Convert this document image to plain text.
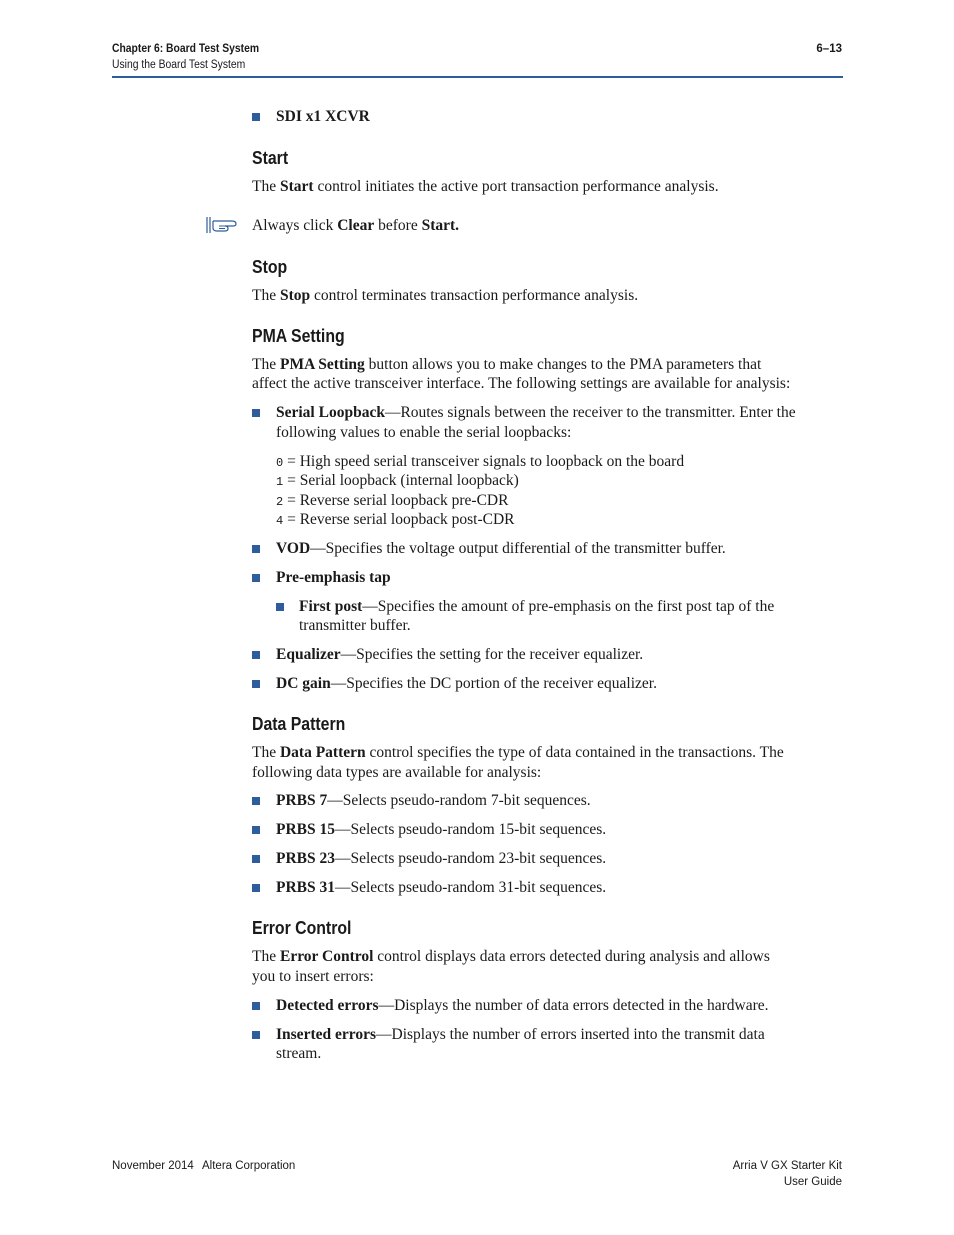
Chapter 6: Board Test System
Using the Board Test System
6–13
SDI x1 XCVR
Start
The Start control initiates the active port transaction performance analysis.
Always click Clear before Start.
Stop
The Stop control terminates transaction performance analysis.
PMA Setting
The PMA Setting button allows you to make changes to the PMA parameters that
affect the active transceiver interface. The following settings are available for analysis:
Serial Loopback—Routes signals between the receiver to the transmitter. Enter the
following values to enable the serial loopbacks:
0 = High speed serial transceiver signals to loopback on the board
1 = Serial loopback (internal loopback)
2 = Reverse serial loopback pre-CDR
4 = Reverse serial loopback post-CDR
VOD—Specifies the voltage output differential of the transmitter buffer.
Pre-emphasis tap
First post—Specifies the amount of pre-emphasis on the first post tap of the
transmitter buffer.
Equalizer—Specifies the setting for the receiver equalizer.
DC gain—Specifies the DC portion of the receiver equalizer.
Data Pattern
The Data Pattern control specifies the type of data contained in the transactions. The
following data types are available for analysis:
PRBS 7—Selects pseudo-random 7-bit sequences.
PRBS 15—Selects pseudo-random 15-bit sequences.
PRBS 23—Selects pseudo-random 23-bit sequences.
PRBS 31—Selects pseudo-random 31-bit sequences.
Error Control
The Error Control control displays data errors detected during analysis and allows
you to insert errors:
Detected errors—Displays the number of data errors detected in the hardware.
Inserted errors—Displays the number of errors inserted into the transmit data
stream.
November 2014 Altera Corporation	Arria V GX Starter Kit
User Guide
